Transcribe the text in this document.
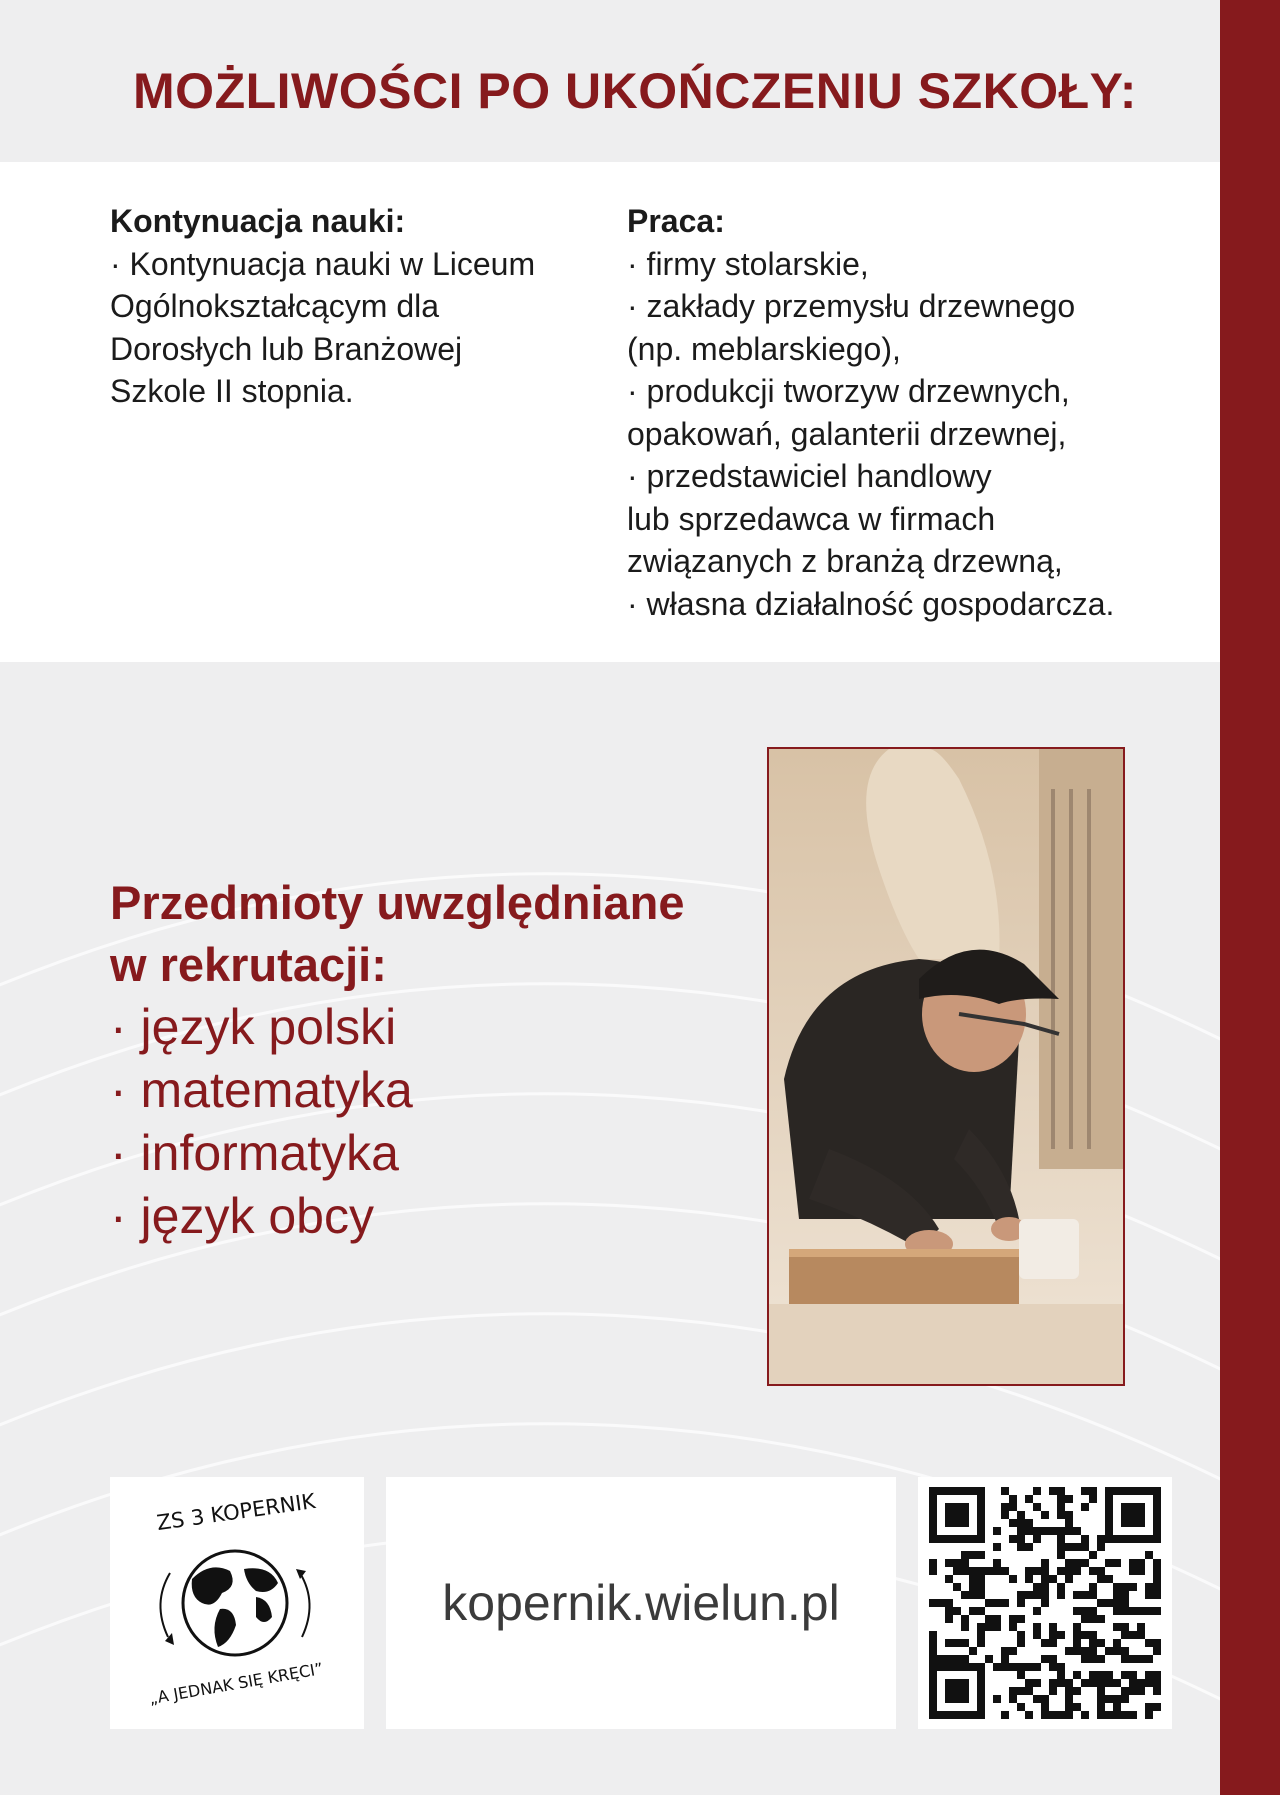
MOŻLIWOŚCI PO UKOŃCZENIU SZKOŁY:
Kontynuacja nauki:
· Kontynuacja nauki w Liceum
Ogólnokształcącym dla
Dorosłych lub Branżowej
Szkole II stopnia.
Praca:
· firmy stolarskie,
· zakłady przemysłu drzewnego
(np. meblarskiego),
· produkcji tworzyw drzewnych,
opakowań, galanterii drzewnej,
· przedstawiciel handlowy
lub sprzedawca w firmach
związanych z branżą drzewną,
· własna działalność gospodarcza.
Przedmioty uwzględniane
w rekrutacji:
· język polski
· matematyka
· informatyka
· język obcy
ZS 3 KOPERNIK
„A JEDNAK SIĘ KRĘCI”
kopernik.wielun.pl
